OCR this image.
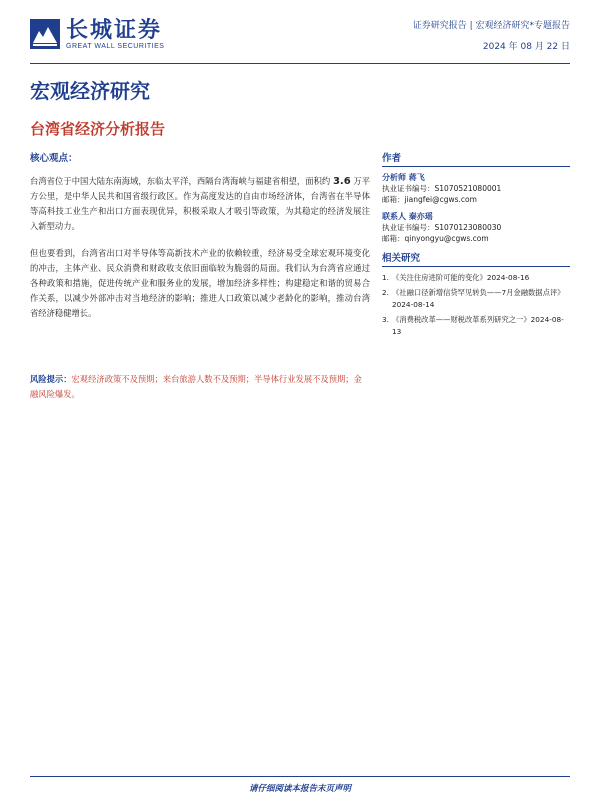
长城证券
GREAT WALL SECURITIES
证券研究报告 | 宏观经济研究*专题报告
2024 年 08 月 22 日
宏观经济研究
台湾省经济分析报告
核心观点：

台湾省位于中国大陆东南海域，东临太平洋，西隔台湾海峡与福建省相望，面积约 3.6 万平方公里，是中华人民共和国省级行政区。作为高度发达的自由市场经济体，台湾省在半导体等高科技工业生产和出口方面表现优异，积极采取人才吸引等政策，为其稳定的经济发展注入新型动力。

但也要看到，台湾省出口对半导体等高新技术产业的依赖较重，经济易受全球宏观环境变化的冲击，主体产业、民众消费和财政收支依旧面临较为脆弱的局面。我们认为台湾省应通过各种政策和措施，促进传统产业和服务业的发展，增加经济多样性；构建稳定和谐的贸易合作关系，以减少外部冲击对当地经济的影响；推进人口政策以减少老龄化的影响，推动台湾省经济稳健增长。

风险提示：宏观经济政策不及预期；来台旅游人数不及预期；半导体行业发展不及预期；金融风险爆发。
作者
分析师 蒋飞
执业证书编号：S1070521080001
邮箱：jiangfei@cgws.com
联系人 秦亦瑶
执业证书编号：S1070123080030
邮箱：qinyongyu@cgws.com
相关研究
1. 《关注住房进阶可能的变化》2024-08-16
2. 《社融口径新增信贷罕见转负——7月金融数据点评》2024-08-14
3. 《消费税改革——财税改革系列研究之一》2024-08-13
请仔细阅读本报告末页声明
